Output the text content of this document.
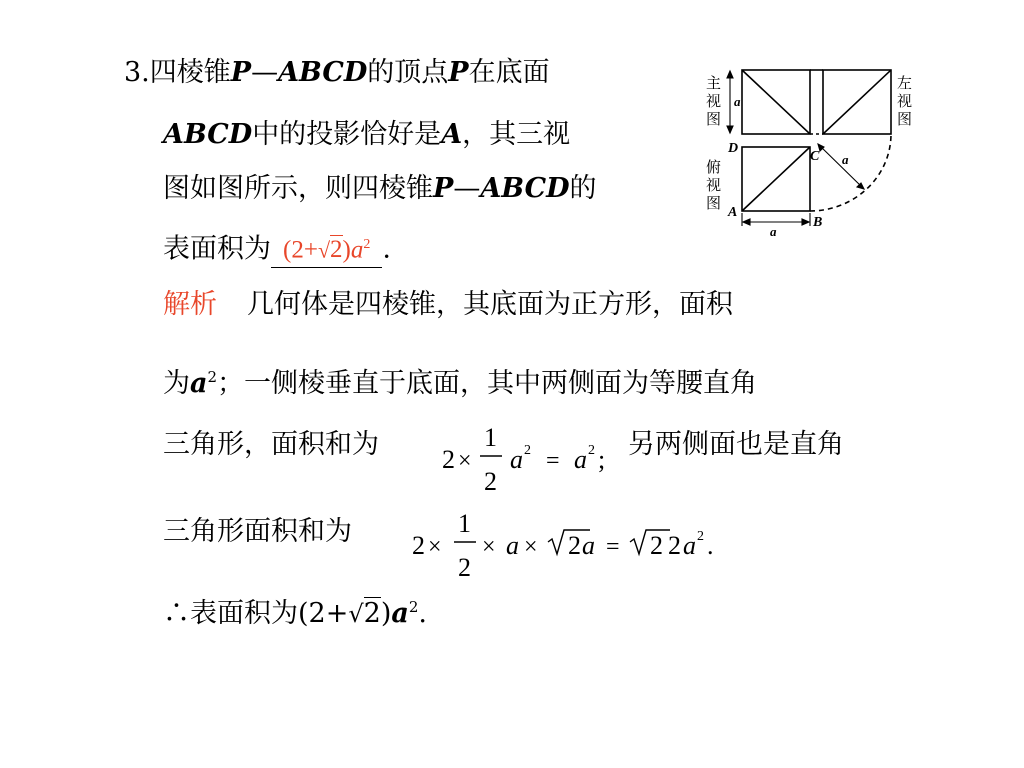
3.四棱锥P—ABCD的顶点P在底面
ABCD中的投影恰好是A，其三视
图如图所示，则四棱锥P—ABCD的
表面积为 $(2+√2)a^2$ .
主
视
图
左
视
图
俯
视
图
a
a
a
D
C
A
B
解析 几何体是四棱锥，其底面为正方形，面积
为$a^2$；一侧棱垂直于底面，其中两侧面为等腰直角
三角形，面积和为 2 ×
1
2
a 2 = a 2 ; 另两侧面也是直角
三角形面积和为 2 ×
1
2
× a × 2 a = 2 2 a 2 .
∴表面积为$(2+√2)a^2$.
